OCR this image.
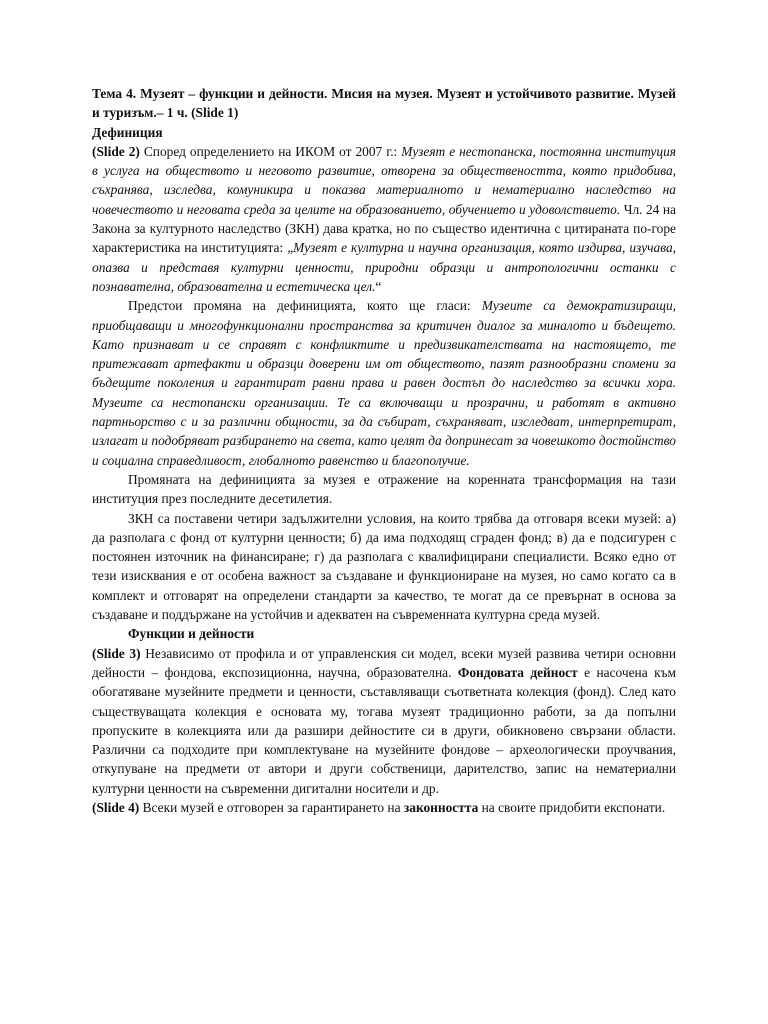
Тема 4. Музеят – функции и дейности. Мисия на музея. Музеят и устойчивото развитие. Музей и туризъм.– 1 ч. (Slide 1)

Дефиниция

(Slide 2) Според определението на ИКОМ от 2007 г.: Музеят е нестопанска, постоянна институция в услуга на обществото и неговото развитие, отворена за обществеността, която придобива, съхранява, изследва, комуникира и показва материалното и нематериално наследство на човечеството и неговата среда за целите на образованието, обучението и удоволствието. Чл. 24 на Закона за културното наследство (ЗКН) дава кратка, но по същество идентична с цитираната по-горе характеристика на институцията: „Музеят е културна и научна организация, която издирва, изучава, опазва и представя културни ценности, природни образци и антропологични останки с познавателна, образователна и естетическа цел.“

Предстои промяна на дефиницията, която ще гласи: Музеите са демократизиращи, приобщаващи и многофункционални пространства за критичен диалог за миналото и бъдещето. Като признават и се справят с конфликтите и предизвикателствата на настоящето, те притежават артефакти и образци доверени им от обществото, пазят разнообразни спомени за бъдещите поколения и гарантират равни права и равен достъп до наследство за всички хора. Музеите са нестопански организации. Те са включващи и прозрачни, и работят в активно партньорство с и за различни общности, за да събират, съхраняват, изследват, интерпретират, излагат и подобряват разбирането на света, като целят да допринесат за човешкото достойнство и социална справедливост, глобалното равенство и благополучие.

Промяната на дефиницията за музея е отражение на коренната трансформация на тази институция през последните десетилетия.

ЗКН са поставени четири задължителни условия, на които трябва да отговаря всеки музей: а) да разполага с фонд от културни ценности; б) да има подходящ сграден фонд; в) да е подсигурен с постоянен източник на финансиране; г) да разполага с квалифицирани специалисти. Всяко едно от тези изисквания е от особена важност за създаване и функциониране на музея, но само когато са в комплект и отговарят на определени стандарти за качество, те могат да се превърнат в основа за създаване и поддържане на устойчив и адекватен на съвременната културна среда музей.

Функции и дейности

(Slide 3) Независимо от профила и от управленския си модел, всеки музей развива четири основни дейности – фондова, експозиционна, научна, образователна. Фондовата дейност е насочена към обогатяване музейните предмети и ценности, съставляващи съответната колекция (фонд). След като съществуващата колекция е основата му, тогава музеят традиционно работи, за да попълни пропуските в колекцията или да разшири дейностите си в други, обикновено свързани области. Различни са подходите при комплектуване на музейните фондове – археологически проучвания, откупуване на предмети от автори и други собственици, дарителство, запис на нематериални културни ценности на съвременни дигитални носители и др.

(Slide 4) Всеки музей е отговорен за гарантирането на законността на своите придобити експонати.
